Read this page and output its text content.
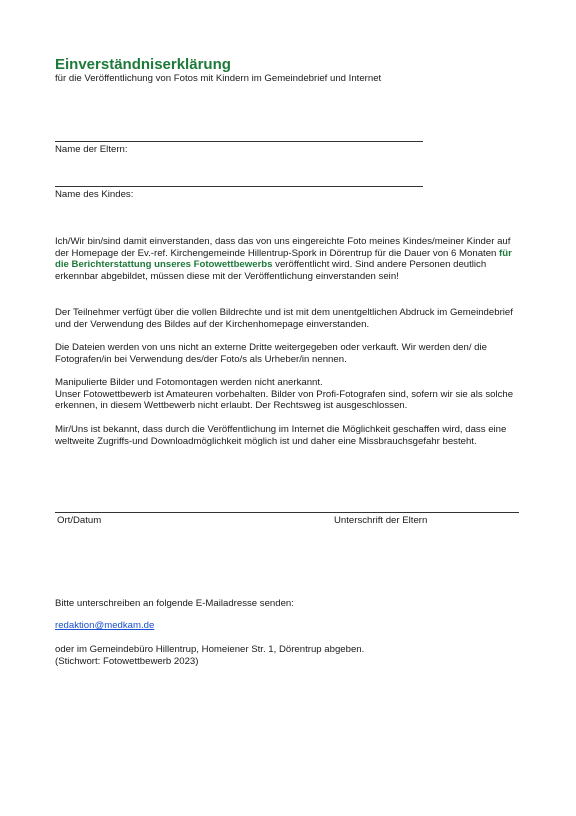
Einverständniserklärung
für die Veröffentlichung von Fotos mit Kindern im Gemeindebrief und Internet
Name der Eltern:
Name des Kindes:
Ich/Wir bin/sind damit einverstanden, dass das von uns eingereichte Foto meines Kindes/meiner Kinder auf der Homepage der Ev.-ref. Kirchengemeinde Hillentrup-Spork in Dörentrup für die Dauer von 6 Monaten für die Berichterstattung unseres Fotowettbewerbs veröffentlicht wird. Sind andere Personen deutlich erkennbar abgebildet, müssen diese mit der Veröffentlichung einverstanden sein!
Der Teilnehmer verfügt über die vollen Bildrechte und ist mit dem unentgeltlichen Abdruck im Gemeindebrief und der Verwendung des Bildes auf der Kirchenhomepage einverstanden.
Die Dateien werden von uns nicht an externe Dritte weitergegeben oder verkauft. Wir werden den/ die Fotografen/in bei Verwendung des/der Foto/s als Urheber/in nennen.
Manipulierte Bilder und Fotomontagen werden nicht anerkannt.
Unser Fotowettbewerb ist Amateuren vorbehalten. Bilder von Profi-Fotografen sind, sofern wir sie als solche erkennen, in diesem Wettbewerb nicht erlaubt. Der Rechtsweg ist ausgeschlossen.
Mir/Uns ist bekannt, dass durch die Veröffentlichung im Internet die Möglichkeit geschaffen wird, dass eine weltweite Zugriffs-und Downloadmöglichkeit möglich ist und daher eine Missbrauchsgefahr besteht.
Ort/Datum	Unterschrift der Eltern
Bitte unterschreiben an folgende E-Mailadresse senden:
redaktion@medkam.de
oder im Gemeindebüro Hillentrup, Homeiener Str. 1, Dörentrup abgeben.
(Stichwort: Fotowettbewerb 2023)
